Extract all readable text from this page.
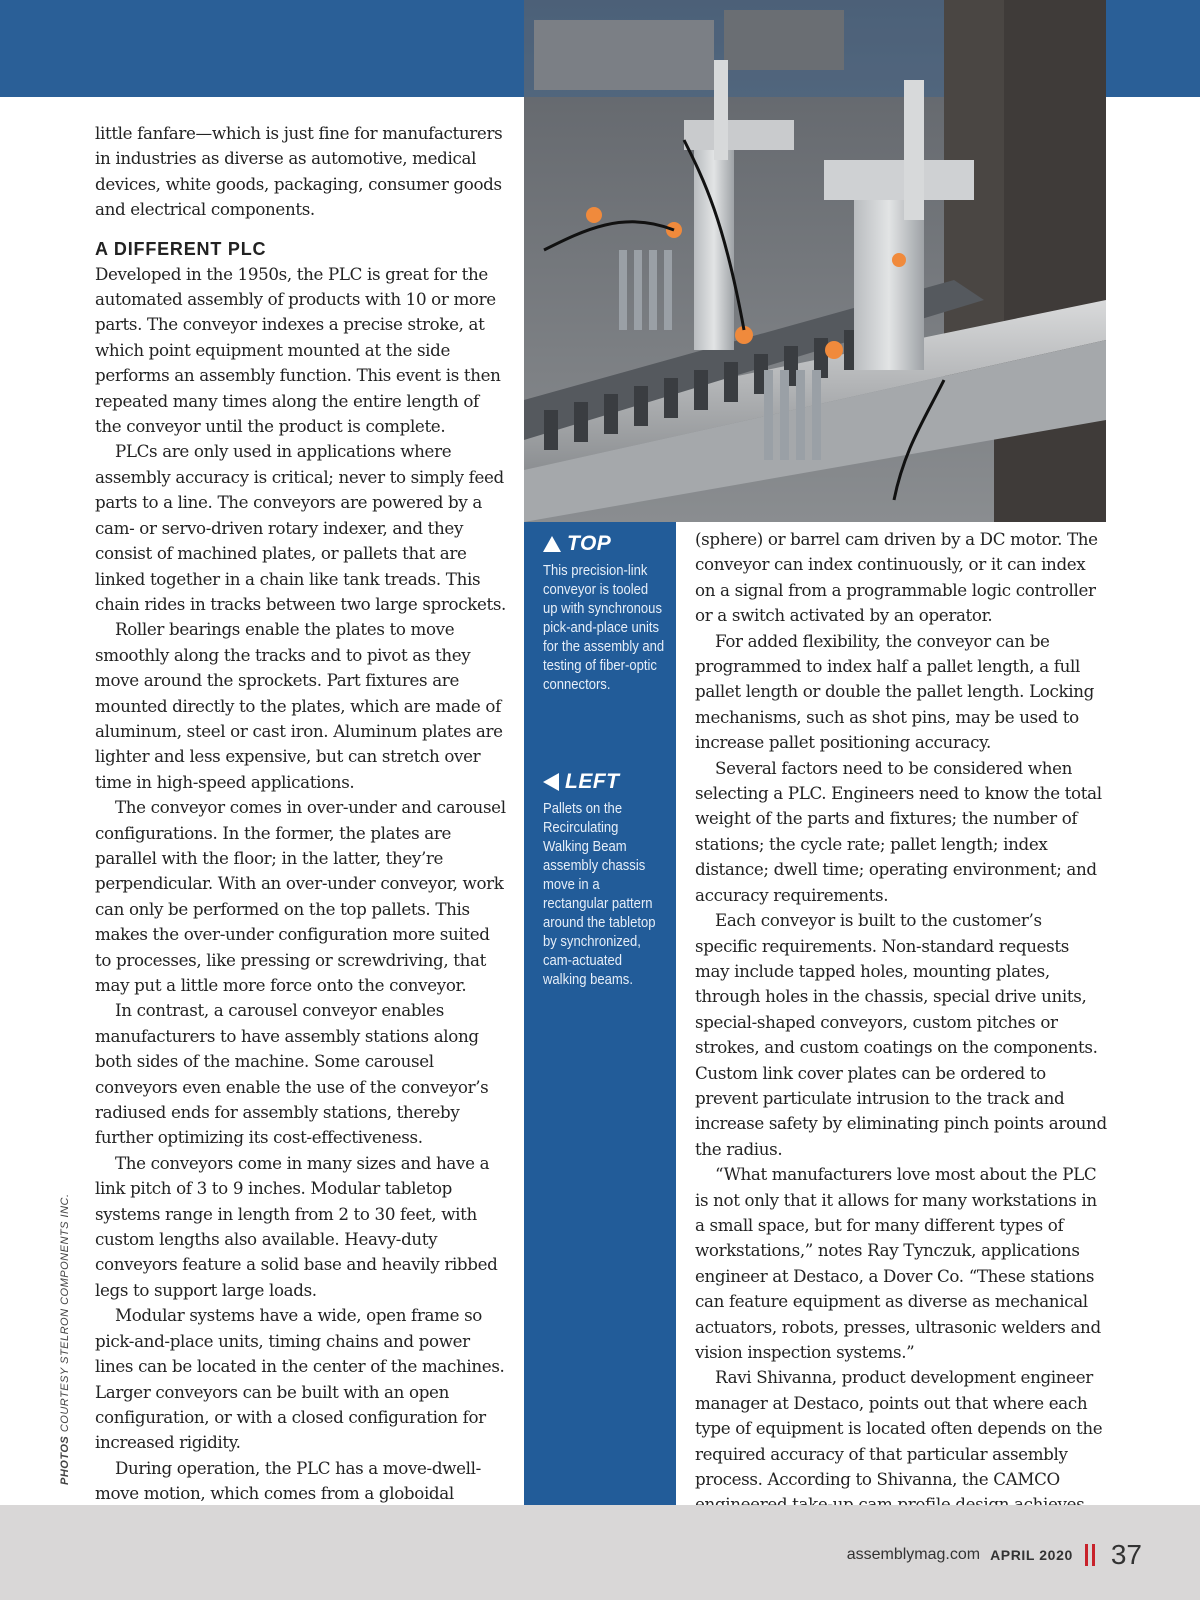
TOP
This precision-link conveyor is tooled up with synchronous pick-and-place units for the assembly and testing of fiber-optic connectors.
LEFT
Pallets on the Recirculating Walking Beam assembly chassis move in a rectangular pattern around the tabletop by synchronized, cam-actuated walking beams.

little fanfare—which is just fine for manufacturers in industries as diverse as automotive, medical devices, white goods, packaging, consumer goods and electrical components.

A DIFFERENT PLC

Developed in the 1950s, the PLC is great for the automated assembly of products with 10 or more parts. The conveyor indexes a precise stroke, at which point equipment mounted at the side performs an assembly function. This event is then repeated many times along the entire length of the conveyor until the product is complete.

PLCs are only used in applications where assembly accuracy is critical; never to simply feed parts to a line. The conveyors are powered by a cam- or servo-driven rotary indexer, and they consist of machined plates, or pallets that are linked together in a chain like tank treads. This chain rides in tracks between two large sprockets.

Roller bearings enable the plates to move smoothly along the tracks and to pivot as they move around the sprockets. Part fixtures are mounted directly to the plates, which are made of aluminum, steel or cast iron. Aluminum plates are lighter and less expensive, but can stretch over time in high-speed applications.

The conveyor comes in over-under and carousel configurations. In the former, the plates are parallel with the floor; in the latter, they’re perpendicular. With an over-under conveyor, work can only be performed on the top pallets. This makes the over-under configuration more suited to processes, like pressing or screwdriving, that may put a little more force onto the conveyor.

In contrast, a carousel conveyor enables manufacturers to have assembly stations along both sides of the machine. Some carousel conveyors even enable the use of the conveyor’s radiused ends for assembly stations, thereby further optimizing its cost-effectiveness.

The conveyors come in many sizes and have a link pitch of 3 to 9 inches. Modular tabletop systems range in length from 2 to 30 feet, with custom lengths also available. Heavy-duty conveyors feature a solid base and heavily ribbed legs to support large loads.

Modular systems have a wide, open frame so pick-and-place units, timing chains and power lines can be located in the center of the machines. Larger conveyors can be built with an open configuration, or with a closed configuration for increased rigidity.

During operation, the PLC has a move-dwell-move motion, which comes from a globoidal

(sphere) or barrel cam driven by a DC motor. The conveyor can index continuously, or it can index on a signal from a programmable logic controller or a switch activated by an operator.

For added flexibility, the conveyor can be programmed to index half a pallet length, a full pallet length or double the pallet length. Locking mechanisms, such as shot pins, may be used to increase pallet positioning accuracy.

Several factors need to be considered when selecting a PLC. Engineers need to know the total weight of the parts and fixtures; the number of stations; the cycle rate; pallet length; index distance; dwell time; operating environment; and accuracy requirements.

Each conveyor is built to the customer’s specific requirements. Non-standard requests may include tapped holes, mounting plates, through holes in the chassis, special drive units, special-shaped conveyors, custom pitches or strokes, and custom coatings on the components. Custom link cover plates can be ordered to prevent particulate intrusion to the track and increase safety by eliminating pinch points around the radius.

“What manufacturers love most about the PLC is not only that it allows for many workstations in a small space, but for many different types of workstations,” notes Ray Tynczuk, applications engineer at Destaco, a Dover Co. “These stations can feature equipment as diverse as mechanical actuators, robots, presses, ultrasonic welders and vision inspection systems.”

Ravi Shivanna, product development engineer manager at Destaco, points out that where each type of equipment is located often depends on the required accuracy of that particular assembly process. According to Shivanna, the CAMCO

PHOTOS COURTESY STELRON COMPONENTS INC.
assemblymag.com APRIL 2020 37
